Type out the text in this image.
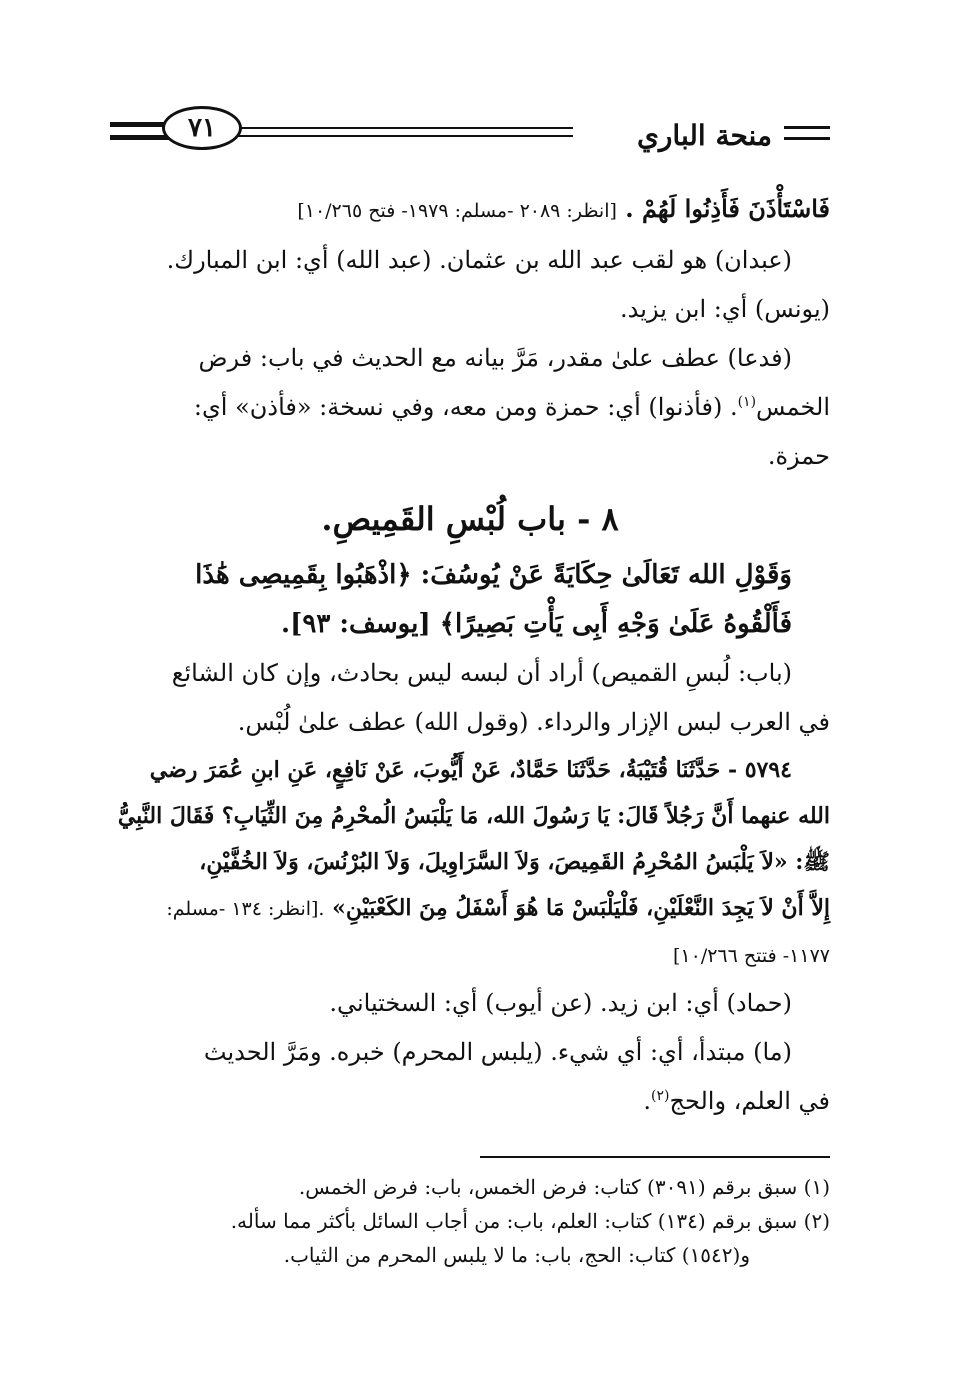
منحة الباري
٧١
فَاسْتَأْذَنَ فَأَذِنُوا لَهُمْ . [انظر: ٢٠٨٩ -مسلم: ١٩٧٩- فتح ١٠/٢٦٥]
(عبدان) هو لقب عبد الله بن عثمان. (عبد الله) أي: ابن المبارك.
(يونس) أي: ابن يزيد.
(فدعا) عطف علىٰ مقدر، مَرَّ بيانه مع الحديث في باب: فرض
الخمس$^{(١)}$. (فأذنوا) أي: حمزة ومن معه، وفي نسخة: «فأذن» أي:
حمزة.
٨ - باب لُبْسِ القَمِيصِ.
وَقَوْلِ الله تَعَالَىٰ حِكَايَةً عَنْ يُوسُفَ: ﴿اذْهَبُوا بِقَمِيصِى هَٰذَا
فَأَلْقُوهُ عَلَىٰ وَجْهِ أَبِى يَأْتِ بَصِيرًا﴾ [يوسف: ٩٣].
(باب: لُبسِ القميص) أراد أن لبسه ليس بحادث، وإن كان الشائع
في العرب لبس الإزار والرداء. (وقول الله) عطف علىٰ لُبْس.
٥٧٩٤ - حَدَّثَنَا قُتَيْبَةُ، حَدَّثَنَا حَمَّادٌ، عَنْ أَيُّوبَ، عَنْ نَافِعٍ، عَنِ ابنِ عُمَرَ رضي
الله عنهما أَنَّ رَجُلاً قَالَ: يَا رَسُولَ الله، مَا يَلْبَسُ الُمحْرِمُ مِنَ الثِّيَابِ؟ فَقَالَ النَّبِيُّ
ﷺ: «لاَ يَلْبَسُ المُحْرِمُ القَمِيصَ، وَلاَ السَّرَاوِيلَ، وَلاَ البُرْنُسَ، وَلاَ الخُفَّيْنِ،
إِلاَّ أَنْ لاَ يَجِدَ النَّعْلَيْنِ، فَلْيَلْبَسْ مَا هُوَ أَسْفَلُ مِنَ الكَعْبَيْنِ» .[انظر: ١٣٤ -مسلم:
١١٧٧- فتتح ١٠/٢٦٦]
(حماد) أي: ابن زيد. (عن أيوب) أي: السختياني.
(ما) مبتدأ، أي: أي شيء. (يلبس المحرم) خبره. ومَرَّ الحديث
في العلم، والحج$^{(٢)}$.
(١) سبق برقم (٣٠٩١) كتاب: فرض الخمس، باب: فرض الخمس.
(٢) سبق برقم (١٣٤) كتاب: العلم، باب: من أجاب السائل بأكثر مما سأله.
و(١٥٤٢) كتاب: الحج، باب: ما لا يلبس المحرم من الثياب.
